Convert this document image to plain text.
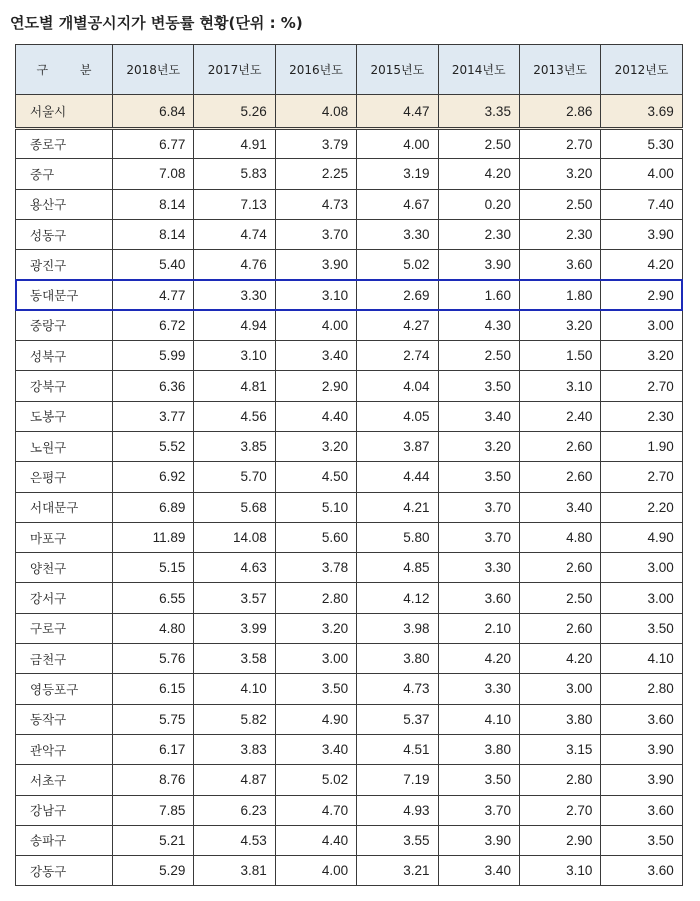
연도별 개별공시지가 변동률 현황(단위 : %)
구 분	2018년도	2017년도	2016년도	2015년도	2014년도	2013년도	2012년도
서울시	6.84	5.26	4.08	4.47	3.35	2.86	3.69
종로구	6.77	4.91	3.79	4.00	2.50	2.70	5.30
중구	7.08	5.83	2.25	3.19	4.20	3.20	4.00
용산구	8.14	7.13	4.73	4.67	0.20	2.50	7.40
성동구	8.14	4.74	3.70	3.30	2.30	2.30	3.90
광진구	5.40	4.76	3.90	5.02	3.90	3.60	4.20
동대문구	4.77	3.30	3.10	2.69	1.60	1.80	2.90
중랑구	6.72	4.94	4.00	4.27	4.30	3.20	3.00
성북구	5.99	3.10	3.40	2.74	2.50	1.50	3.20
강북구	6.36	4.81	2.90	4.04	3.50	3.10	2.70
도봉구	3.77	4.56	4.40	4.05	3.40	2.40	2.30
노원구	5.52	3.85	3.20	3.87	3.20	2.60	1.90
은평구	6.92	5.70	4.50	4.44	3.50	2.60	2.70
서대문구	6.89	5.68	5.10	4.21	3.70	3.40	2.20
마포구	11.89	14.08	5.60	5.80	3.70	4.80	4.90
양천구	5.15	4.63	3.78	4.85	3.30	2.60	3.00
강서구	6.55	3.57	2.80	4.12	3.60	2.50	3.00
구로구	4.80	3.99	3.20	3.98	2.10	2.60	3.50
금천구	5.76	3.58	3.00	3.80	4.20	4.20	4.10
영등포구	6.15	4.10	3.50	4.73	3.30	3.00	2.80
동작구	5.75	5.82	4.90	5.37	4.10	3.80	3.60
관악구	6.17	3.83	3.40	4.51	3.80	3.15	3.90
서초구	8.76	4.87	5.02	7.19	3.50	2.80	3.90
강남구	7.85	6.23	4.70	4.93	3.70	2.70	3.60
송파구	5.21	4.53	4.40	3.55	3.90	2.90	3.50
강동구	5.29	3.81	4.00	3.21	3.40	3.10	3.60
